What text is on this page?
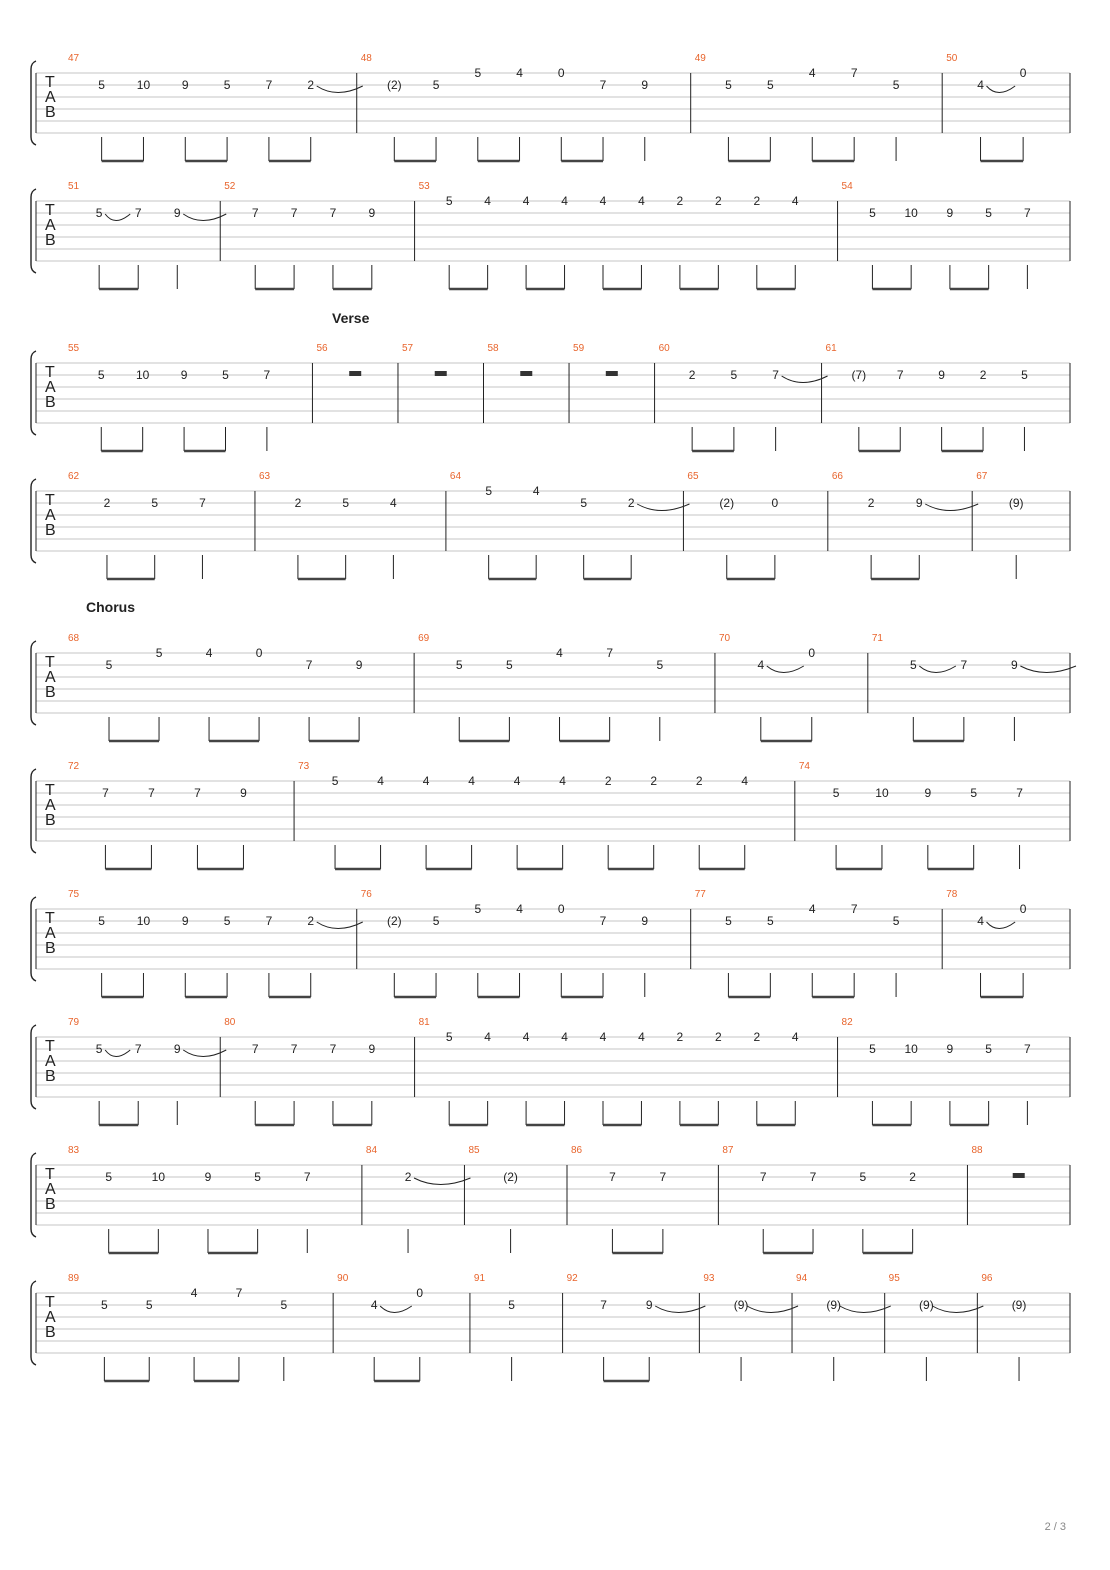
Verse
Chorus
T
A
B
47
5	10	9	5	7	2
48
(2)	5
5	4	0
7	9
49
5	5
4	7
5
50
4
0
T
A
B
51
5	7	9
52
7	7	7	9
53
5	4	4	4	4	4	2	2	2	4
54
5 10 9	5	7
T
A
B
55
5	10	9	5	7
56	57	58	59	60
2	5	7
61
(7)	7	9	2	5
T
A
B
62
2	5	7
63
2	5	4
64
5	4
5	2
65
(2)	0
66
2	9
67
(9)
T
A
B
68
5
5	4	0
7	9
69
5	5
4	7
5
70
4
0
71
5	7	9
T
A
B
72
7	7	7	9
73
5	4	4	4	4	4	2	2	2	4
74
5	10	9	5	7
T
A
B
75
5	10	9	5	7	2
76
(2)	5
5	4	0
7	9
77
5	5
4	7
5
78
4
0
T
A
B
79
5	7	9
80
7	7	7	9
81
5	4	4	4	4	4	2	2	2	4
82
5 10 9	5	7
T
A
B
83
5	10	9	5	7
84
2
85
(2)
86
7	7
87
7	7	5	2
88
T
A
B
89
5	5
4	7
5
90
4
0
91
5
92
7	9
93
(9)
94
(9)
95
(9)
96
(9)
2 / 3
